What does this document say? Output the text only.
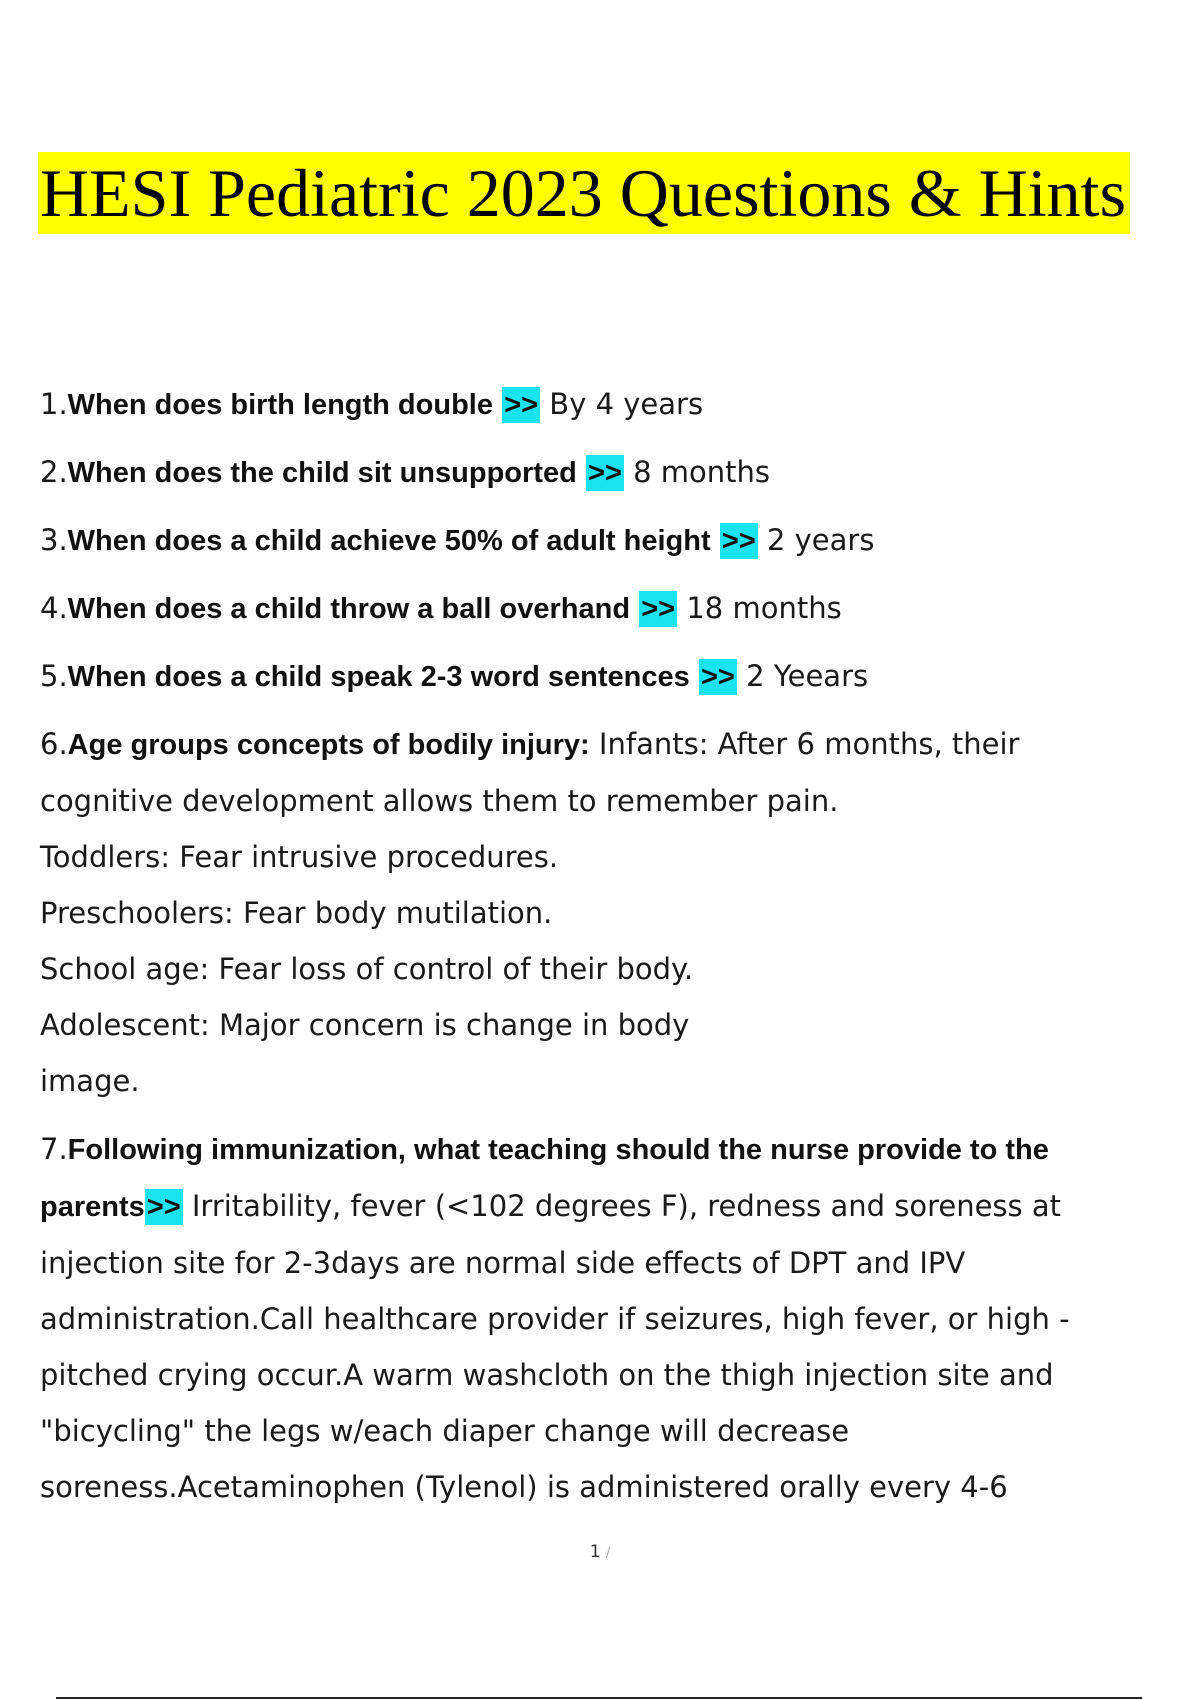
HESI Pediatric 2023 Questions & Hints
1.When does birth length double >> By 4 years
2.When does the child sit unsupported >> 8 months
3.When does a child achieve 50% of adult height >> 2 years
4.When does a child throw a ball overhand >> 18 months
5.When does a child speak 2-3 word sentences >> 2 Yeears
6.Age groups concepts of bodily injury: Infants: After 6 months, their
cognitive development allows them to remember pain.
Toddlers: Fear intrusive procedures.
Preschoolers: Fear body mutilation.
School age: Fear loss of control of their body.
Adolescent: Major concern is change in body
image.
7.Following immunization, what teaching should the nurse provide to the
parents>> Irritability, fever (<102 degrees F), redness and soreness at
injection site for 2-3days are normal side effects of DPT and IPV
administration.Call healthcare provider if seizures, high fever, or high -
pitched crying occur.A warm washcloth on the thigh injection site and
"bicycling" the legs w/each diaper change will decrease
soreness.Acetaminophen (Tylenol) is administered orally every 4-6
1 /
